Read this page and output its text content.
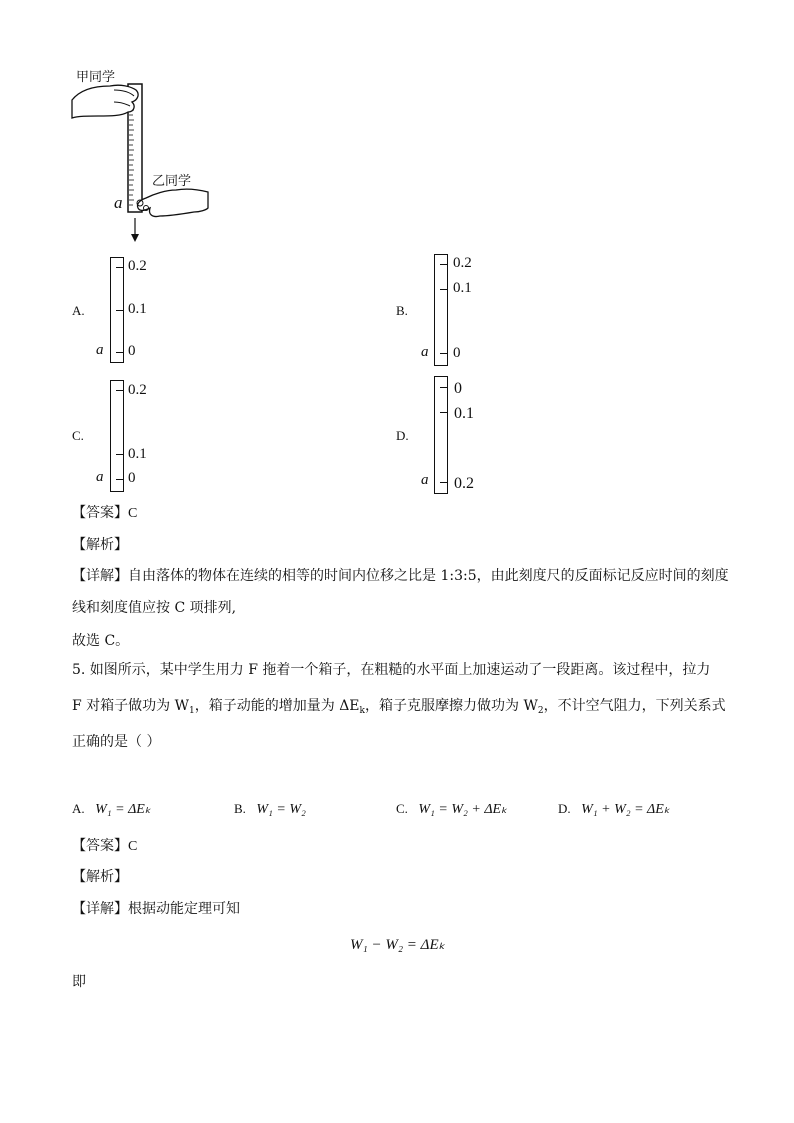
甲同学
乙同学
a
A.
0.2
0.1
0
a
B.
0.2
0.1
0
a
C.
0.2
0.1
0
a
D.
0
0.1
0.2
a
【答案】C
【解析】
【详解】自由落体的物体在连续的相等的时间内位移之比是 1:3:5，由此刻度尺的反面标记反应时间的刻度
线和刻度值应按 C 项排列,
故选 C。
5. 如图所示，某中学生用力 F 拖着一个箱子，在粗糙的水平面上加速运动了一段距离。该过程中，拉力
F 对箱子做功为 $W_1$，箱子动能的增加量为 $\Delta E_k$，箱子克服摩擦力做功为 $W_2$，不计空气阻力，下列关系式
正确的是（ ）
A. W₁ = ΔEₖ	B. W₁ = W₂	C. W₁ = W₂ + ΔEₖ	D. W₁ + W₂ = ΔEₖ
【答案】C
【解析】
【详解】根据动能定理可知
W₁ − W₂ = ΔEₖ
即
